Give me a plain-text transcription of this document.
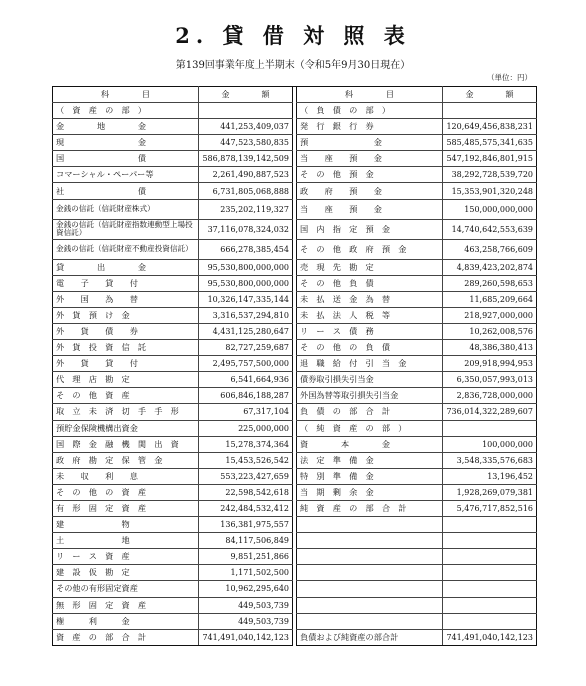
2. 貸 借 対 照 表
第139回事業年度上半期末（令和5年9月30日現在）
（単位：円）
科　　　　目	金　　　　額		科　　　　目	金　　　　額
（　資　産　の　部　）			（　負　債　の　部　）	
金　　　　地　　　　金	441,253,409,037		発　行　銀　行　券	120,649,456,838,231
現　　　　　　　　　金	447,523,580,835		預　　　　　　　　金	585,485,575,341,635
国　　　　　　　　　債	586,878,139,142,509		当　　座　　預　　金	547,192,846,801,915
コマーシャル・ペーパー等	2,261,490,887,523		そ　の　他　預　金	38,292,728,539,720
社　　　　　　　　　債	6,731,805,068,888		政　　府　　預　　金	15,353,901,320,248
金銭の信託（信託財産株式）	235,202,119,327		当　　座　　預　　金	150,000,000,000
金銭の信託（信託財産指数連動型上場投資信託）	37,116,078,324,032		国　内　指　定　預　金	14,740,642,553,639
金銭の信託（信託財産不動産投資信託）	666,278,385,454		そ　の　他　政　府　預　金	463,258,766,609
貸　　　　出　　　　金	95,530,800,000,000		売　現　先　勘　定	4,839,423,202,874
電　　子　　貸　　付	95,530,800,000,000		そ　の　他　負　債	289,260,598,653
外　　国　　為　　替	10,326,147,335,144		未　払　送　金　為　替	11,685,209,664
外　貨　預　け　金	3,316,537,294,810		未　払　法　人　税　等	218,927,000,000
外　　貨　　債　　券	4,431,125,280,647		リ　ー　ス　債　務	10,262,008,576
外　貨　投　資　信　託	82,727,259,687		そ　の　他　の　負　債	48,386,380,413
外　　貨　　貸　　付	2,495,757,500,000		退　職　給　付　引　当　金	209,918,994,953
代　理　店　勘　定	6,541,664,936		債券取引損失引当金	6,350,057,993,013
そ　の　他　資　産	606,846,188,287		外国為替等取引損失引当金	2,836,728,000,000
取　立　未　済　切　手　手　形	67,317,104		負　債　の　部　合　計	736,014,322,289,607
預貯金保険機構出資金	225,000,000		（　純　資　産　の　部　）	
国　際　金　融　機　関　出　資	15,278,374,364		資　　　　本　　　　金	100,000,000
政　府　勘　定　保　管　金	15,453,526,542		法　定　準　備　金	3,548,335,576,683
未　　収　　利　　息	553,223,427,659		特　別　準　備　金	13,196,452
そ　の　他　の　資　産	22,598,542,618		当　期　剰　余　金	1,928,269,079,381
有　形　固　定　資　産	242,484,532,412		純　資　産　の　部　合　計	5,476,717,852,516
建　　　　　　　物	136,381,975,557			
土　　　　　　　地	84,117,506,849			
リ　ー　ス　資　産	9,851,251,866			
建　設　仮　勘　定	1,171,502,500			
その他の有形固定資産	10,962,295,640			
無　形　固　定　資　産	449,503,739			
権　　　利　　　金	449,503,739			
資　産　の　部　合　計	741,491,040,142,123		負債および純資産の部合計	741,491,040,142,123
